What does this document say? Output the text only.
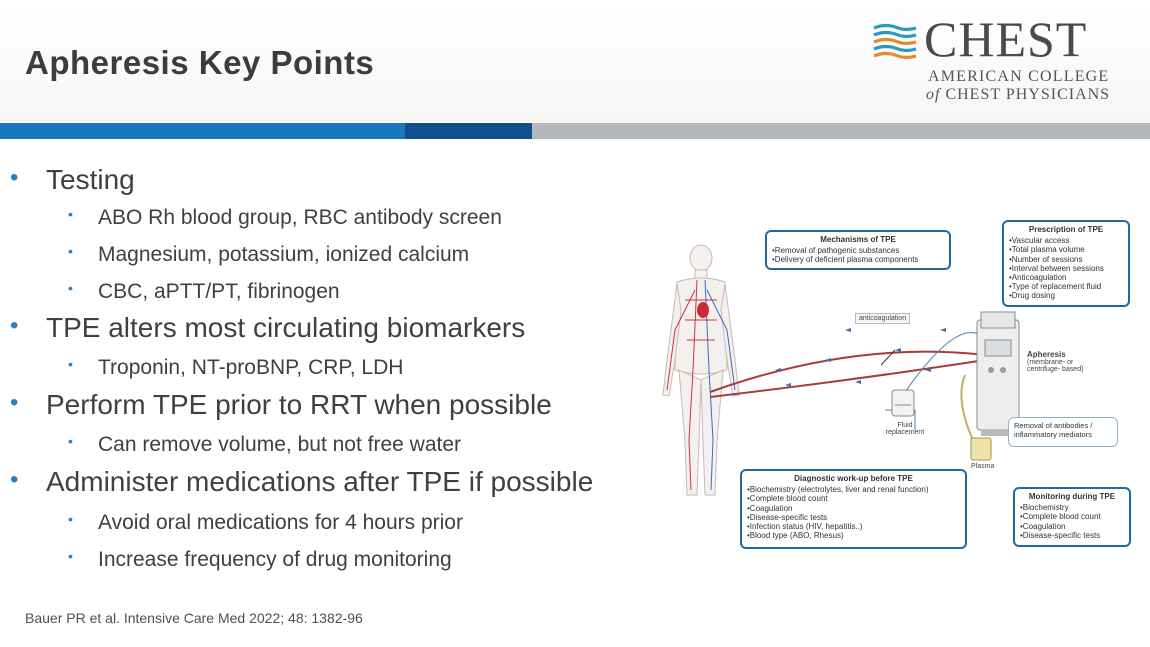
Apheresis Key Points	CHEST
AMERICAN COLLEGE
of CHEST PHYSICIANS
• Testing
• ABO Rh blood group, RBC antibody screen
• Magnesium, potassium, ionized calcium
• CBC, aPTT/PT, fibrinogen
• TPE alters most circulating biomarkers
• Troponin, NT-proBNP, CRP, LDH
• Perform TPE prior to RRT when possible
• Can remove volume, but not free water
• Administer medications after TPE if possible
• Avoid oral medications for 4 hours prior
• Increase frequency of drug monitoring
Bauer PR et al. Intensive Care Med 2022; 48: 1382-96
Mechanisms of TPE
•Removal of pathogenic substances
•Delivery of deficient plasma components
Prescription of TPE
•Vascular access
•Total plasma volume
•Number of sessions
•Interval between sessions
•Anticoagulation
•Type of replacement fluid
•Drug dosing
anticoagulation
Apheresis
(membrane- or centrifuge- based)
Removal of antibodies / inflammatory mediators
Fluid replacement
Plasma
Diagnostic work-up before TPE
•Biochemistry (electrolytes, liver and renal function)
•Complete blood count
•Coagulation
•Disease-specific tests
•Infection status (HIV, hepatitis..)
•Blood type (ABO, Rhesus)
Monitoring during TPE
•Biochemistry
•Complete blood count
•Coagulation
•Disease-specific tests
